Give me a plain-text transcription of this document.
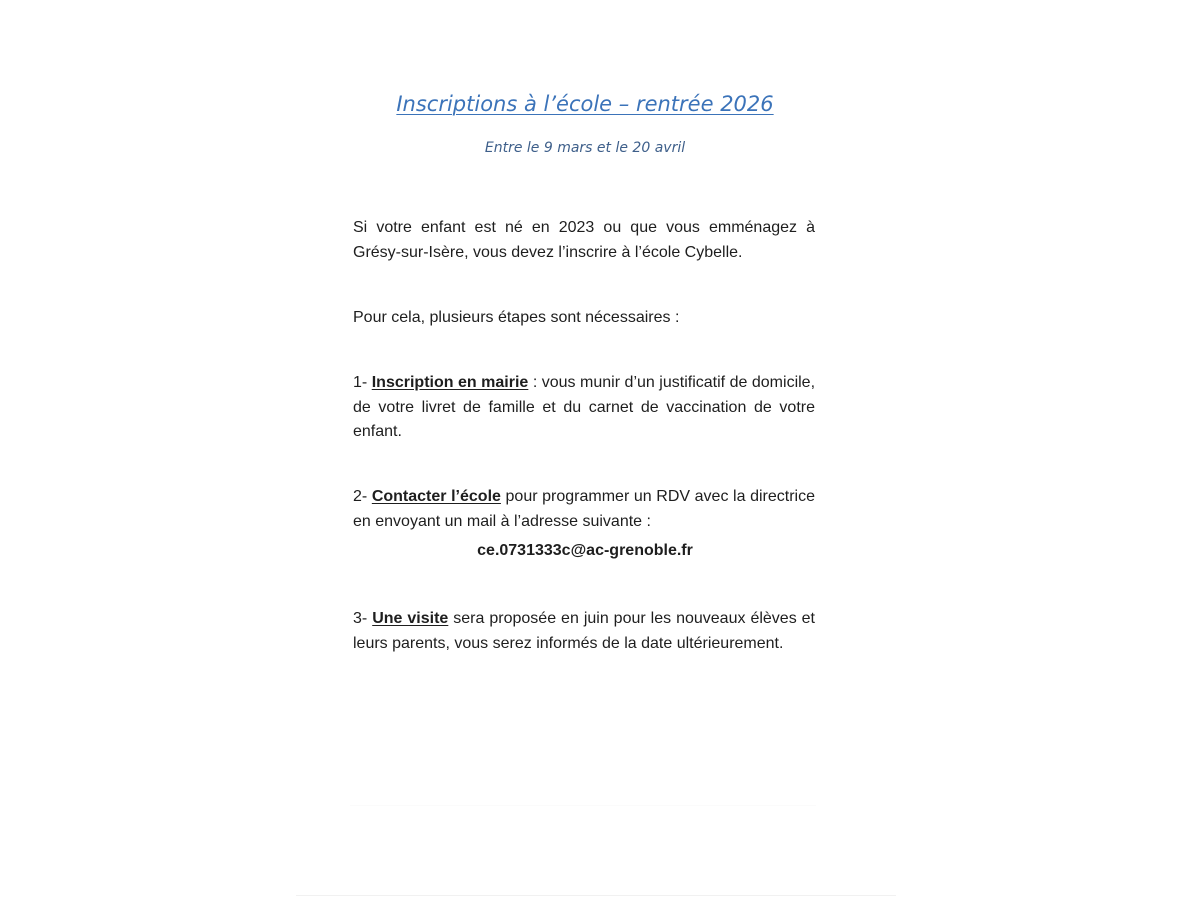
Inscriptions à l’école – rentrée 2026
Entre le 9 mars et le 20 avril
Si votre enfant est né en 2023 ou que vous emménagez à Grésy-sur-Isère, vous devez l’inscrire à l’école Cybelle.
Pour cela, plusieurs étapes sont nécessaires :
1- Inscription en mairie : vous munir d’un justificatif de domicile, de votre livret de famille et du carnet de vaccination de votre enfant.
2- Contacter l’école pour programmer un RDV avec la directrice en envoyant un mail à l’adresse suivante :
ce.0731333c@ac-grenoble.fr
3- Une visite sera proposée en juin pour les nouveaux élèves et leurs parents, vous serez informés de la date ultérieurement.
